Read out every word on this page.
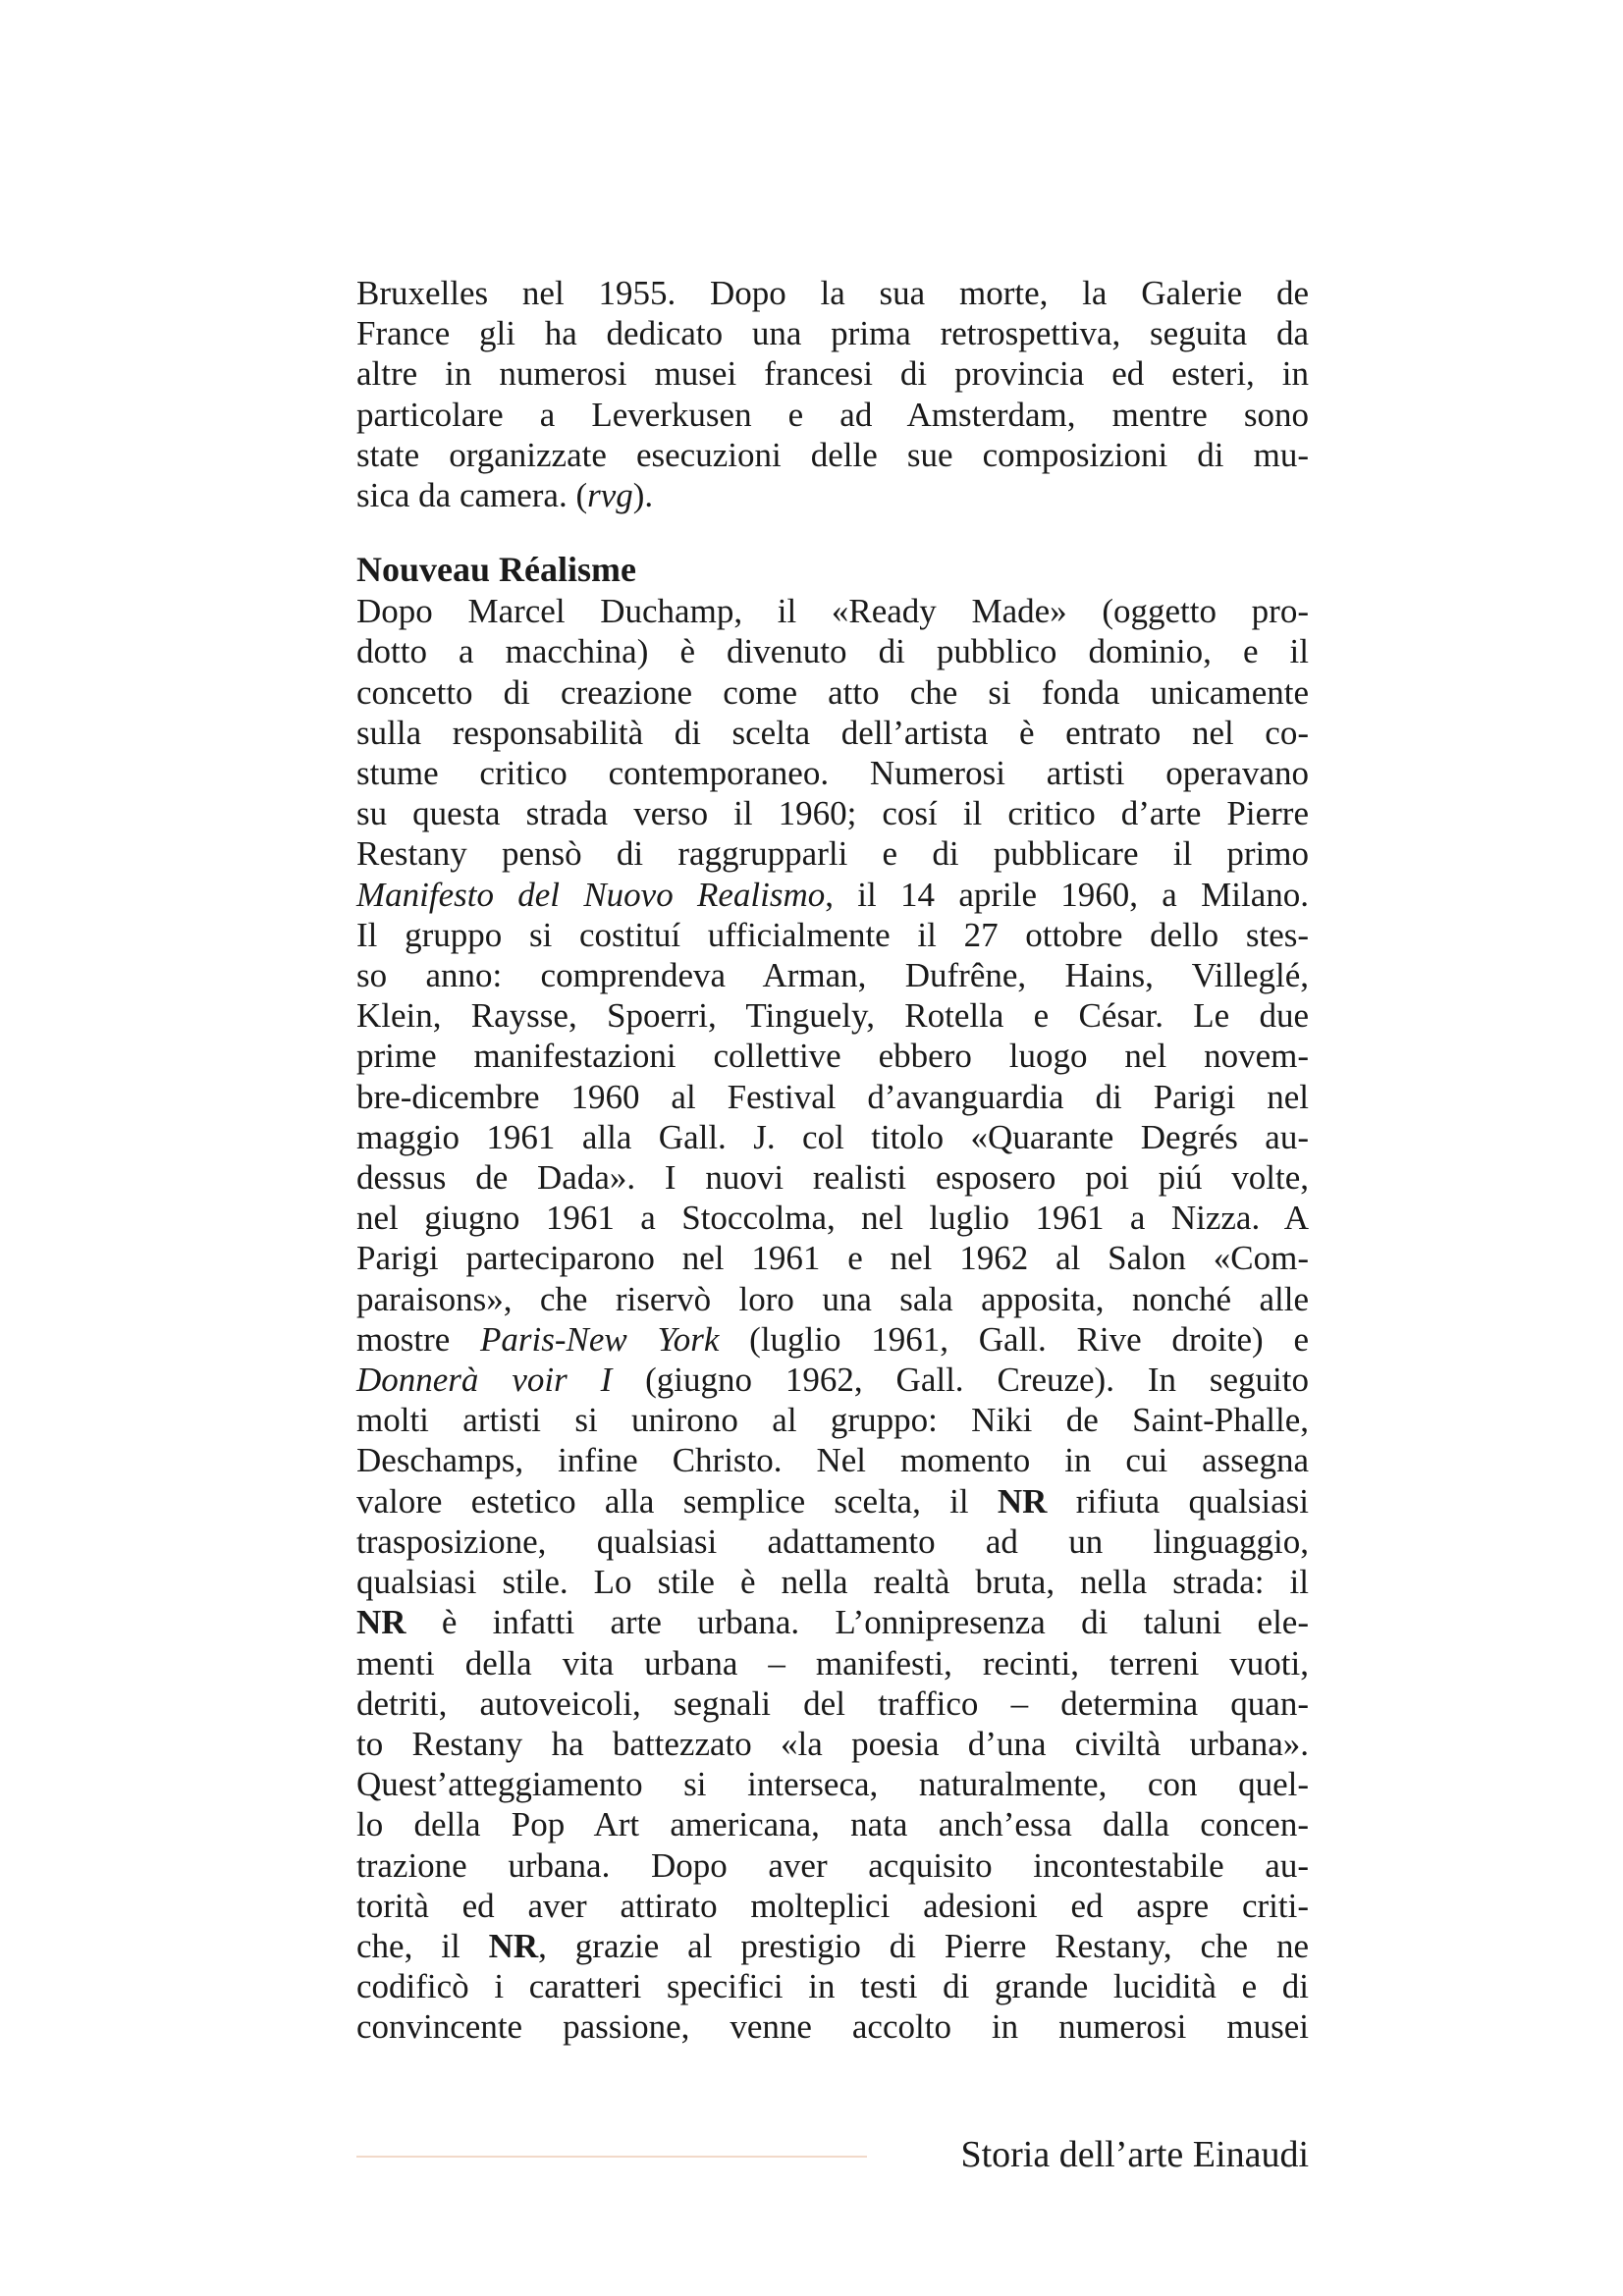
Bruxelles nel 1955. Dopo la sua morte, la Galerie de
France gli ha dedicato una prima retrospettiva, seguita da
altre in numerosi musei francesi di provincia ed esteri, in
particolare a Leverkusen e ad Amsterdam, mentre sono
state organizzate esecuzioni delle sue composizioni di mu-
sica da camera. (rvg).

Nouveau Réalisme

Dopo Marcel Duchamp, il «Ready Made» (oggetto pro-
dotto a macchina) è divenuto di pubblico dominio, e il
concetto di creazione come atto che si fonda unicamente
sulla responsabilità di scelta dell’artista è entrato nel co-
stume critico contemporaneo. Numerosi artisti operavano
su questa strada verso il 1960; cosí il critico d’arte Pierre
Restany pensò di raggrupparli e di pubblicare il primo
Manifesto del Nuovo Realismo, il 14 aprile 1960, a Milano.
Il gruppo si costituí ufficialmente il 27 ottobre dello stes-
so anno: comprendeva Arman, Dufrêne, Hains, Villeglé,
Klein, Raysse, Spoerri, Tinguely, Rotella e César. Le due
prime manifestazioni collettive ebbero luogo nel novem-
bre-dicembre 1960 al Festival d’avanguardia di Parigi nel
maggio 1961 alla Gall. J. col titolo «Quarante Degrés au-
dessus de Dada». I nuovi realisti esposero poi piú volte,
nel giugno 1961 a Stoccolma, nel luglio 1961 a Nizza. A
Parigi parteciparono nel 1961 e nel 1962 al Salon «Com-
paraisons», che riservò loro una sala apposita, nonché alle
mostre Paris-New York (luglio 1961, Gall. Rive droite) e
Donnerà voir I (giugno 1962, Gall. Creuze). In seguito
molti artisti si unirono al gruppo: Niki de Saint-Phalle,
Deschamps, infine Christo. Nel momento in cui assegna
valore estetico alla semplice scelta, il NR rifiuta qualsiasi
trasposizione, qualsiasi adattamento ad un linguaggio,
qualsiasi stile. Lo stile è nella realtà bruta, nella strada: il
NR è infatti arte urbana. L’onnipresenza di taluni ele-
menti della vita urbana – manifesti, recinti, terreni vuoti,
detriti, autoveicoli, segnali del traffico – determina quan-
to Restany ha battezzato «la poesia d’una civiltà urbana».
Quest’atteggiamento si interseca, naturalmente, con quel-
lo della Pop Art americana, nata anch’essa dalla concen-
trazione urbana. Dopo aver acquisito incontestabile au-
torità ed aver attirato molteplici adesioni ed aspre criti-
che, il NR, grazie al prestigio di Pierre Restany, che ne
codificò i caratteri specifici in testi di grande lucidità e di
convincente passione, venne accolto in numerosi musei

Storia dell’arte Einaudi
